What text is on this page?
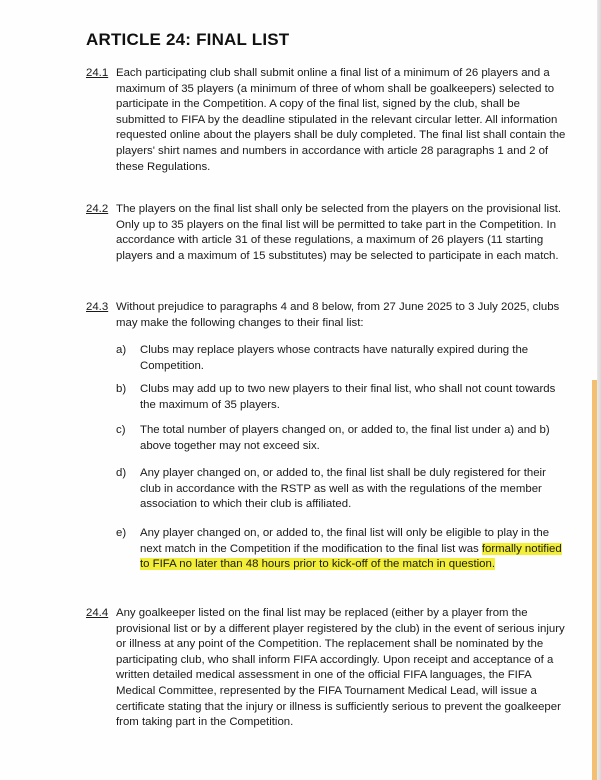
ARTICLE 24: FINAL LIST
24.1 Each participating club shall submit online a final list of a minimum of 26 players and a maximum of 35 players (a minimum of three of whom shall be goalkeepers) selected to participate in the Competition. A copy of the final list, signed by the club, shall be submitted to FIFA by the deadline stipulated in the relevant circular letter. All information requested online about the players shall be duly completed. The final list shall contain the players' shirt names and numbers in accordance with article 28 paragraphs 1 and 2 of these Regulations.
24.2 The players on the final list shall only be selected from the players on the provisional list. Only up to 35 players on the final list will be permitted to take part in the Competition. In accordance with article 31 of these regulations, a maximum of 26 players (11 starting players and a maximum of 15 substitutes) may be selected to participate in each match.
24.3 Without prejudice to paragraphs 4 and 8 below, from 27 June 2025 to 3 July 2025, clubs may make the following changes to their final list:
a) Clubs may replace players whose contracts have naturally expired during the Competition.
b) Clubs may add up to two new players to their final list, who shall not count towards the maximum of 35 players.
c) The total number of players changed on, or added to, the final list under a) and b) above together may not exceed six.
d) Any player changed on, or added to, the final list shall be duly registered for their club in accordance with the RSTP as well as with the regulations of the member association to which their club is affiliated.
e) Any player changed on, or added to, the final list will only be eligible to play in the next match in the Competition if the modification to the final list was formally notified to FIFA no later than 48 hours prior to kick-off of the match in question.
24.4 Any goalkeeper listed on the final list may be replaced (either by a player from the provisional list or by a different player registered by the club) in the event of serious injury or illness at any point of the Competition. The replacement shall be nominated by the participating club, who shall inform FIFA accordingly. Upon receipt and acceptance of a written detailed medical assessment in one of the official FIFA languages, the FIFA Medical Committee, represented by the FIFA Tournament Medical Lead, will issue a certificate stating that the injury or illness is sufficiently serious to prevent the goalkeeper from taking part in the Competition.
